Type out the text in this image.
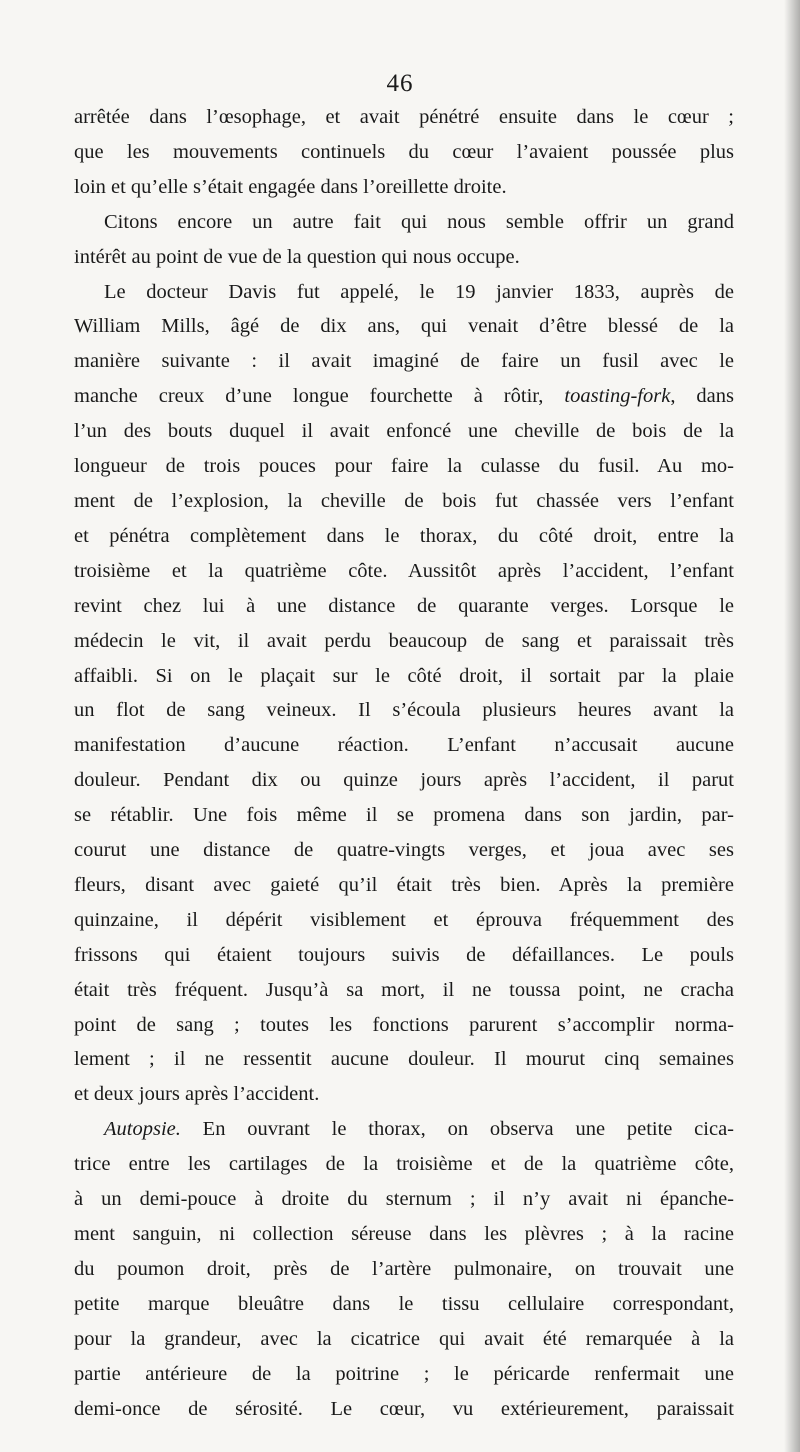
46
arrêtée dans l’œsophage, et avait pénétré ensuite dans le cœur ;
que les mouvements continuels du cœur l’avaient poussée plus
loin et qu’elle s’était engagée dans l’oreillette droite.
Citons encore un autre fait qui nous semble offrir un grand
intérêt au point de vue de la question qui nous occupe.
Le docteur Davis fut appelé, le 19 janvier 1833, auprès de
William Mills, âgé de dix ans, qui venait d’être blessé de la
manière suivante : il avait imaginé de faire un fusil avec le
manche creux d’une longue fourchette à rôtir, toasting-fork, dans
l’un des bouts duquel il avait enfoncé une cheville de bois de la
longueur de trois pouces pour faire la culasse du fusil. Au mo-
ment de l’explosion, la cheville de bois fut chassée vers l’enfant
et pénétra complètement dans le thorax, du côté droit, entre la
troisième et la quatrième côte. Aussitôt après l’accident, l’enfant
revint chez lui à une distance de quarante verges. Lorsque le
médecin le vit, il avait perdu beaucoup de sang et paraissait très
affaibli. Si on le plaçait sur le côté droit, il sortait par la plaie
un flot de sang veineux. Il s’écoula plusieurs heures avant la
manifestation d’aucune réaction. L’enfant n’accusait aucune
douleur. Pendant dix ou quinze jours après l’accident, il parut
se rétablir. Une fois même il se promena dans son jardin, par-
courut une distance de quatre-vingts verges, et joua avec ses
fleurs, disant avec gaieté qu’il était très bien. Après la première
quinzaine, il dépérit visiblement et éprouva fréquemment des
frissons qui étaient toujours suivis de défaillances. Le pouls
était très fréquent. Jusqu’à sa mort, il ne toussa point, ne cracha
point de sang ; toutes les fonctions parurent s’accomplir norma-
lement ; il ne ressentit aucune douleur. Il mourut cinq semaines
et deux jours après l’accident.
Autopsie. En ouvrant le thorax, on observa une petite cica-
trice entre les cartilages de la troisième et de la quatrième côte,
à un demi-pouce à droite du sternum ; il n’y avait ni épanche-
ment sanguin, ni collection séreuse dans les plèvres ; à la racine
du poumon droit, près de l’artère pulmonaire, on trouvait une
petite marque bleuâtre dans le tissu cellulaire correspondant,
pour la grandeur, avec la cicatrice qui avait été remarquée à la
partie antérieure de la poitrine ; le péricarde renfermait une
demi-once de sérosité. Le cœur, vu extérieurement, paraissait
